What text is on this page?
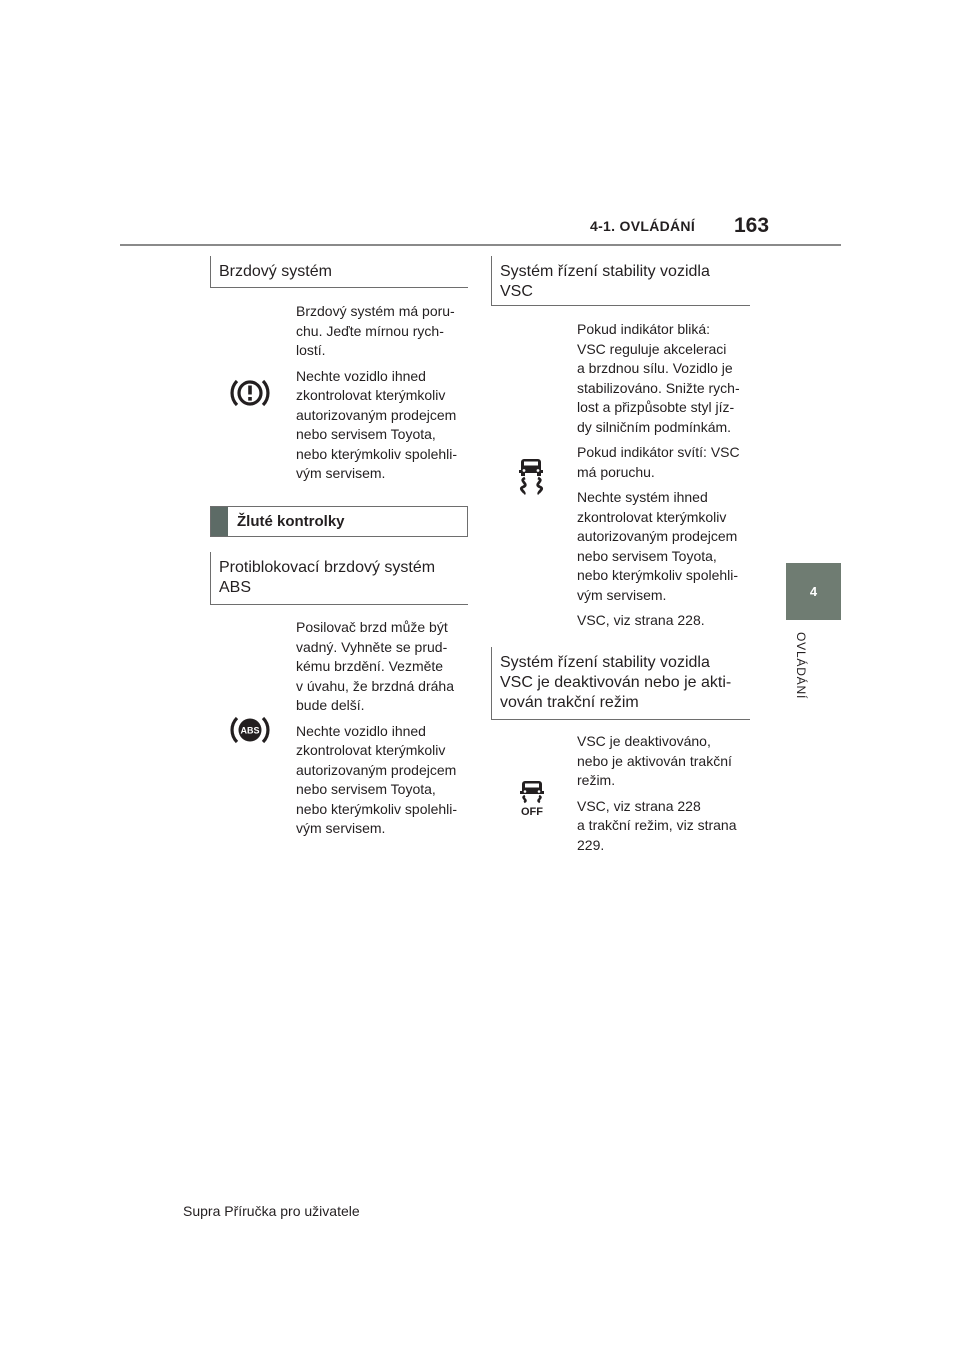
4-1. OVLÁDÁNÍ 163
4
OVLÁDÁNÍ
Brzdový systém

Brzdový systém má poru-
chu. Jeďte mírnou rych-
lostí.

Nechte vozidlo ihned
zkontrolovat kterýmkoliv
autorizovaným prodejcem
nebo servisem Toyota,
nebo kterýmkoliv spolehli-
vým servisem.

Žluté kontrolky
Protiblokovací brzdový systém
ABS
ABS

Posilovač brzd může být
vadný. Vyhněte se prud-
kému brzdění. Vezměte
v úvahu, že brzdná dráha
bude delší.

Nechte vozidlo ihned
zkontrolovat kterýmkoliv
autorizovaným prodejcem
nebo servisem Toyota,
nebo kterýmkoliv spolehli-
vým servisem.

Systém řízení stability vozidla
VSC

Pokud indikátor bliká:
VSC reguluje akceleraci
a brzdnou sílu. Vozidlo je
stabilizováno. Snižte rych-
lost a přizpůsobte styl jíz-
dy silničním podmínkám.

Pokud indikátor svítí: VSC
má poruchu.

Nechte systém ihned
zkontrolovat kterýmkoliv
autorizovaným prodejcem
nebo servisem Toyota,
nebo kterýmkoliv spolehli-
vým servisem.

VSC, viz strana 228.

Systém řízení stability vozidla
VSC je deaktivován nebo je akti-
vován trakční režim
OFF

VSC je deaktivováno,
nebo je aktivován trakční
režim.

VSC, viz strana 228
a trakční režim, viz strana
229.

Supra Příručka pro uživatele
